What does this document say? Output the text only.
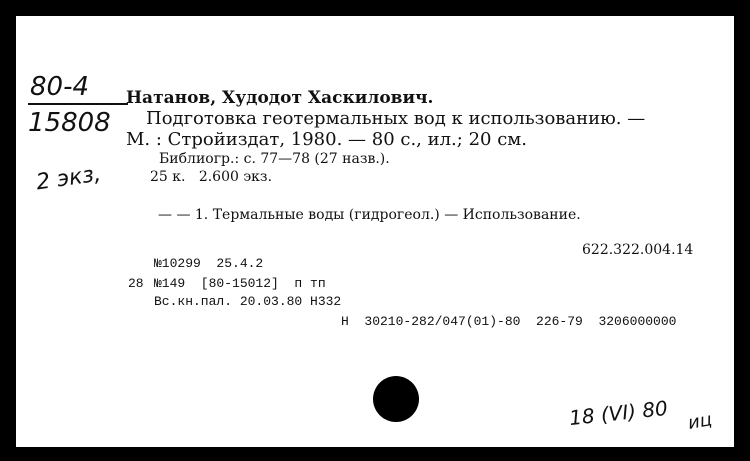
80-4
15808
2 экз,
Натанов, Худодот Хаскилович.
Подготовка геотермальных вод к использованию. —
М. : Стройиздат, 1980. — 80 с., ил.; 20 см.
Библиогр.: с. 77—78 (27 назв.).
25 к.   2.600 экз.
— — 1. Термальные воды (гидрогеол.) — Использование.
622.322.004.14
№10299  25.4.2
28 №149  [80-15012]  п тп
Вс.кн.пал. 20.03.80 Н332
Н  30210-282/047(01)-80  226-79  3206000000
18 (VI) 80 иц
